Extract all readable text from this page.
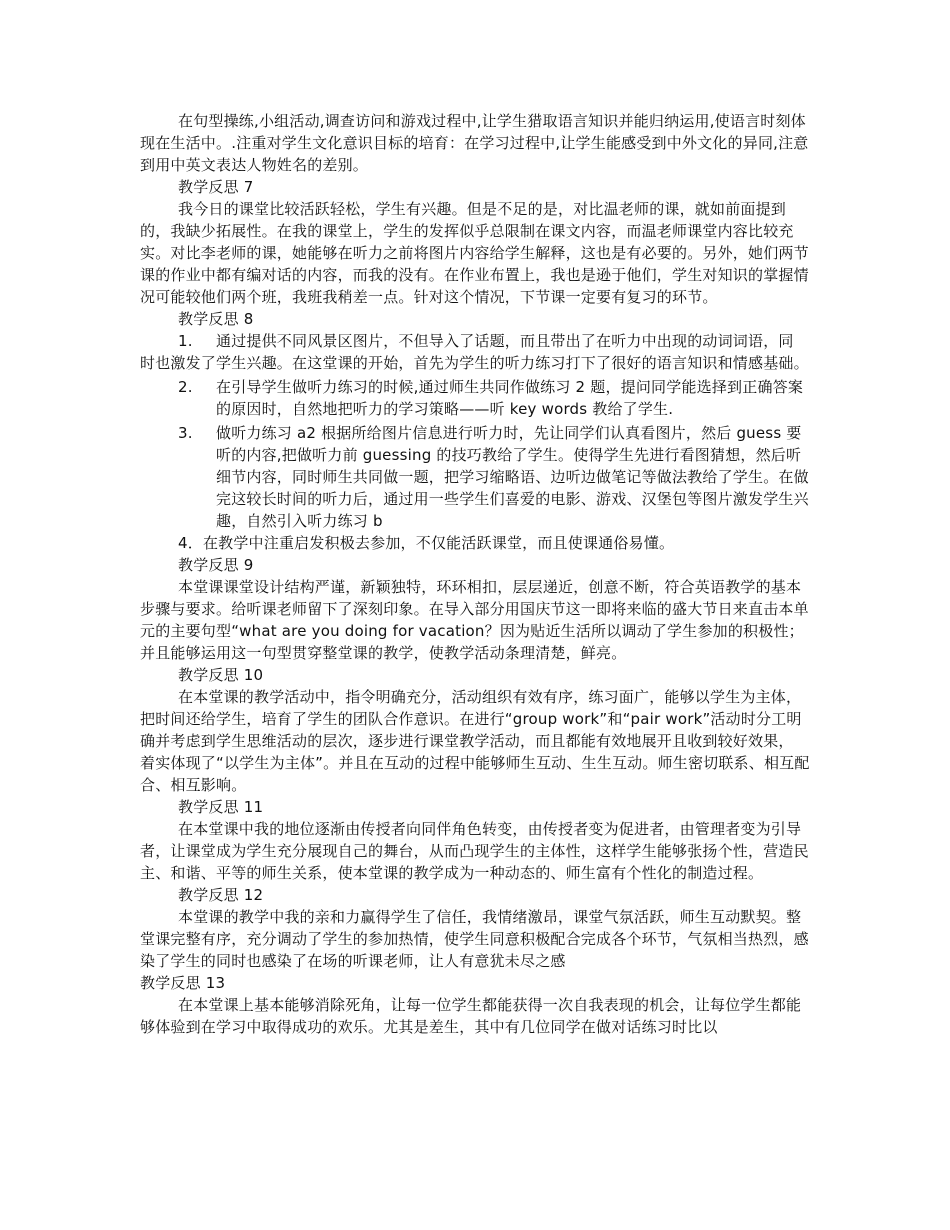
在句型操练,小组活动,调查访问和游戏过程中,让学生猎取语言知识并能归纳运用,使语言时刻体现在生活中。.注重对学生文化意识目标的培育：在学习过程中,让学生能感受到中外文化的异同,注意到用中英文表达人物姓名的差别。

教学反思 7

我今日的课堂比较活跃轻松，学生有兴趣。但是不足的是，对比温老师的课，就如前面提到的，我缺少拓展性。在我的课堂上，学生的发挥似乎总限制在课文内容，而温老师课堂内容比较充实。对比李老师的课，她能够在听力之前将图片内容给学生解释，这也是有必要的。另外，她们两节课的作业中都有编对话的内容，而我的没有。在作业布置上，我也是逊于他们，学生对知识的掌握情况可能较他们两个班，我班我稍差一点。针对这个情况，下节课一定要有复习的环节。

教学反思 8

1.	通过提供不同风景区图片，不但导入了话题，而且带出了在听力中出现的动词词语，同

时也激发了学生兴趣。在这堂课的开始，首先为学生的听力练习打下了很好的语言知识和情感基础。

2.	在引导学生做听力练习的时候,通过师生共同作做练习 2 题，提问同学能选择到正确答案的原因时，自然地把听力的学习策略——听 key words 教给了学生.
3.	做听力练习 a2 根据所给图片信息进行听力时，先让同学们认真看图片，然后 guess 要听的内容,把做听力前 guessing 的技巧教给了学生。使得学生先进行看图猜想，然后听细节内容，同时师生共同做一题，把学习缩略语、边听边做笔记等做法教给了学生。在做完这较长时间的听力后，通过用一些学生们喜爱的电影、游戏、汉堡包等图片激发学生兴趣，自然引入听力练习 b

4．在教学中注重启发积极去参加，不仅能活跃课堂，而且使课通俗易懂。

教学反思 9

本堂课课堂设计结构严谨，新颖独特，环环相扣，层层递近，创意不断，符合英语教学的基本步骤与要求。给听课老师留下了深刻印象。在导入部分用国庆节这一即将来临的盛大节日来直击本单元的主要句型“what are you doing for vacation？因为贴近生活所以调动了学生参加的积极性；并且能够运用这一句型贯穿整堂课的教学，使教学活动条理清楚，鲜亮。

教学反思 10

在本堂课的教学活动中，指令明确充分，活动组织有效有序，练习面广，能够以学生为主体，把时间还给学生，培育了学生的团队合作意识。在进行“group work”和“pair work”活动时分工明确并考虑到学生思维活动的层次，逐步进行课堂教学活动，而且都能有效地展开且收到较好效果， 着实体现了“以学生为主体”。并且在互动的过程中能够师生互动、生生互动。师生密切联系、相互配合、相互影响。

教学反思 11

在本堂课中我的地位逐渐由传授者向同伴角色转变，由传授者变为促进者，由管理者变为引导者，让课堂成为学生充分展现自己的舞台，从而凸现学生的主体性，这样学生能够张扬个性，营造民主、和谐、平等的师生关系，使本堂课的教学成为一种动态的、师生富有个性化的制造过程。

教学反思 12

本堂课的教学中我的亲和力赢得学生了信任，我情绪激昂，课堂气氛活跃，师生互动默契。整堂课完整有序，充分调动了学生的参加热情，使学生同意积极配合完成各个环节，气氛相当热烈，感染了学生的同时也感染了在场的听课老师，让人有意犹未尽之感

教学反思 13

在本堂课上基本能够消除死角，让每一位学生都能获得一次自我表现的机会，让每位学生都能够体验到在学习中取得成功的欢乐。尤其是差生，其中有几位同学在做对话练习时比以
